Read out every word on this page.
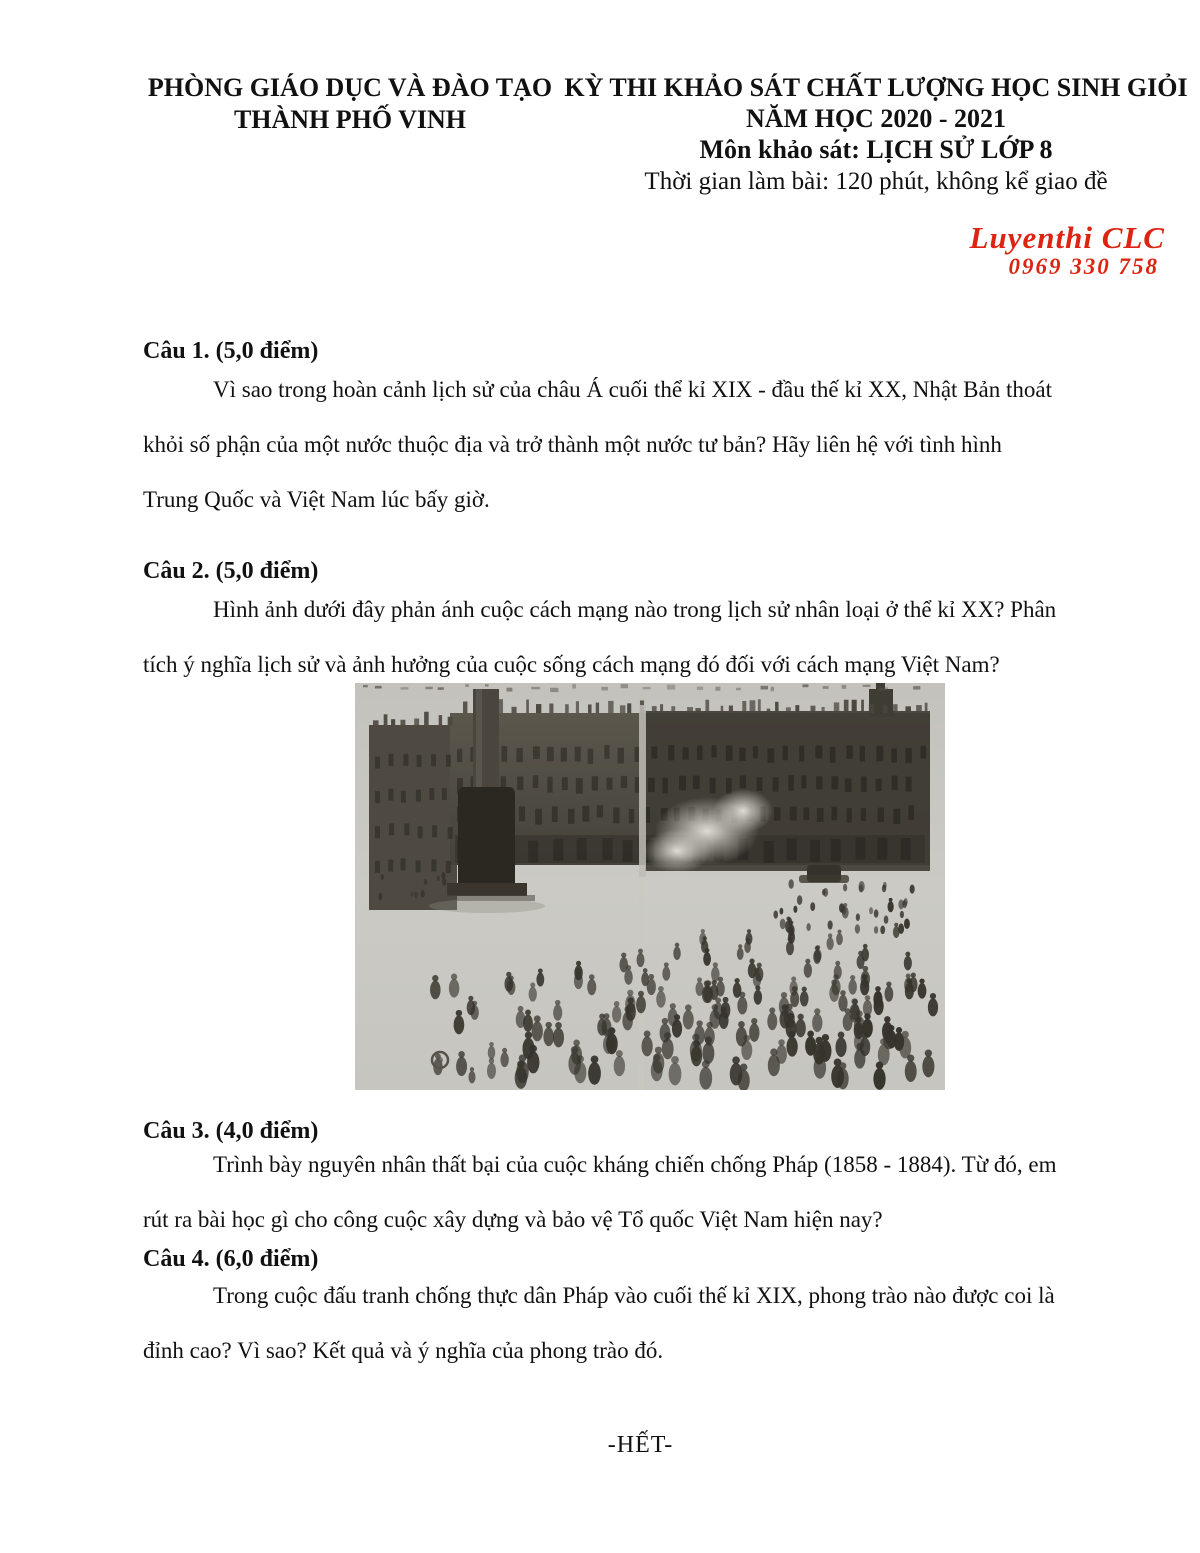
PHÒNG GIÁO DỤC VÀ ĐÀO TẠO
THÀNH PHỐ VINH
KỲ THI KHẢO SÁT CHẤT LƯỢNG HỌC SINH GIỎI
NĂM HỌC 2020 - 2021
Môn khảo sát: LỊCH SỬ LỚP 8
Thời gian làm bài: 120 phút, không kể giao đề
Luyenthi CLC
0969 330 758
Câu 1. (5,0 điểm)
Vì sao trong hoàn cảnh lịch sử của châu Á cuối thể kỉ XIX - đầu thế kỉ XX, Nhật Bản thoát
khỏi số phận của một nước thuộc địa và trở thành một nước tư bản? Hãy liên hệ với tình hình
Trung Quốc và Việt Nam lúc bấy giờ.
Câu 2. (5,0 điểm)
Hình ảnh dưới đây phản ánh cuộc cách mạng nào trong lịch sử nhân loại ở thể kỉ XX? Phân
tích ý nghĩa lịch sử và ảnh hưởng của cuộc sống cách mạng đó đối với cách mạng Việt Nam?
Câu 3. (4,0 điểm)
Trình bày nguyên nhân thất bại của cuộc kháng chiến chống Pháp (1858 - 1884). Từ đó, em
rút ra bài học gì cho công cuộc xây dựng và bảo vệ Tổ quốc Việt Nam hiện nay?
Câu 4. (6,0 điểm)
Trong cuộc đấu tranh chống thực dân Pháp vào cuối thế kỉ XIX, phong trào nào được coi là
đỉnh cao? Vì sao? Kết quả và ý nghĩa của phong trào đó.
-HẾT-
